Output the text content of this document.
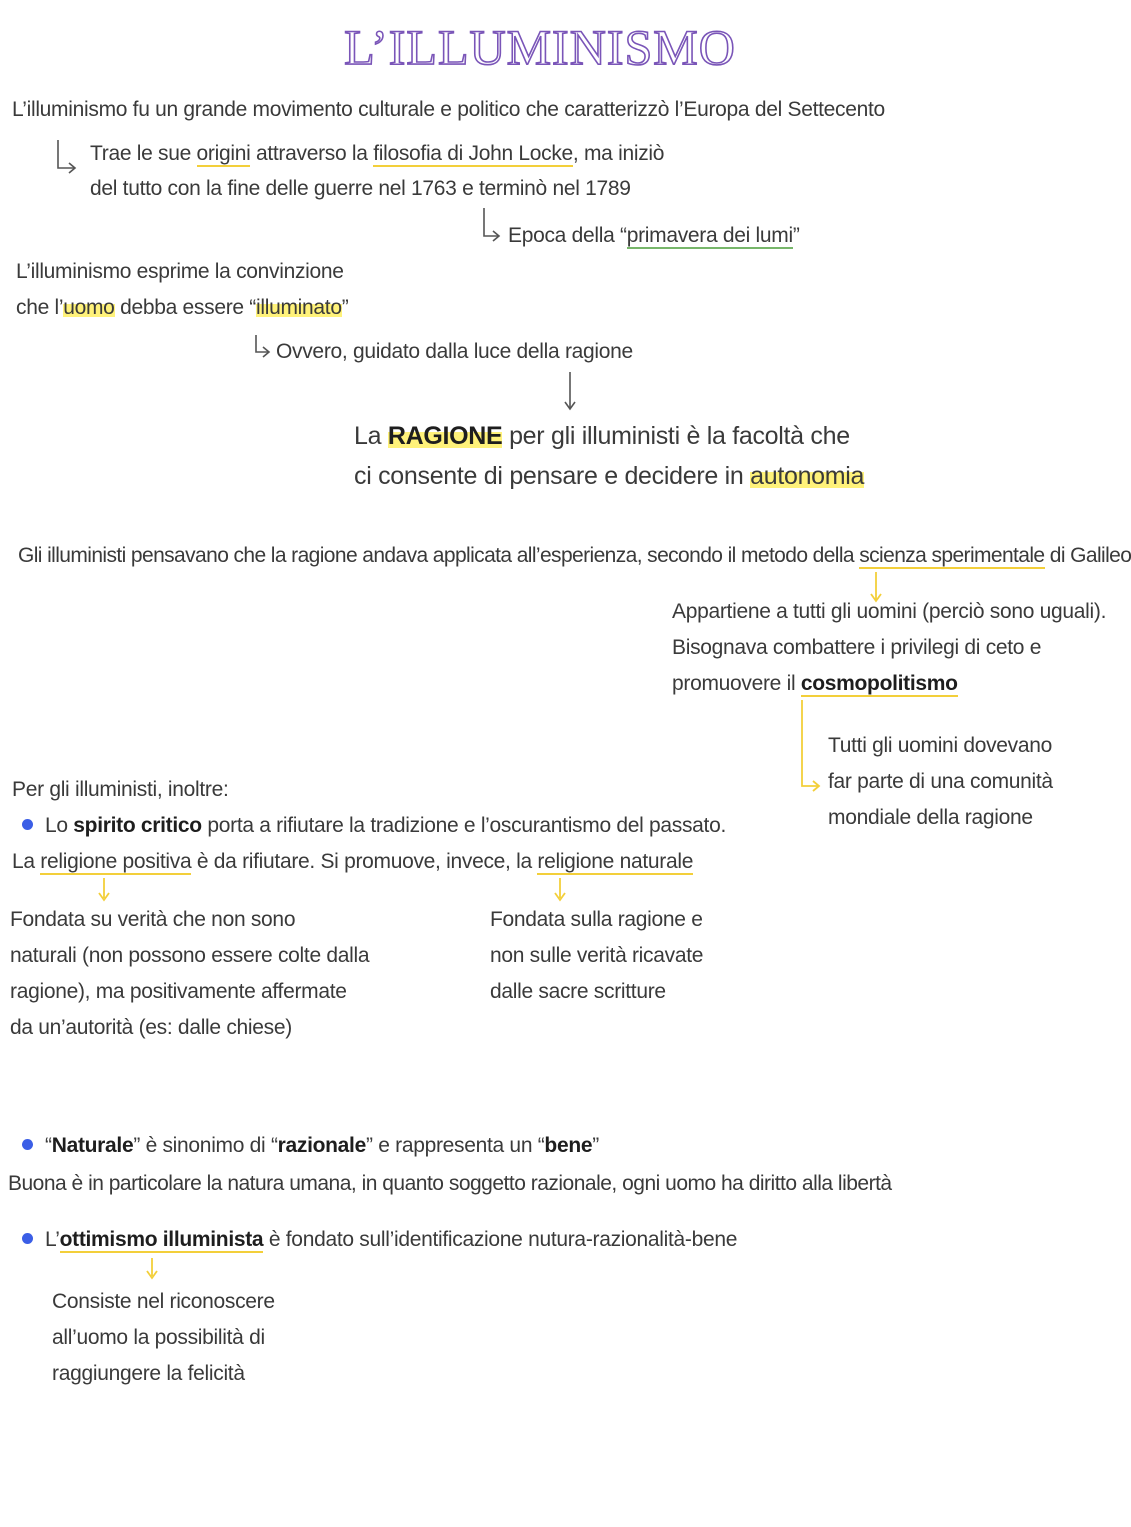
L’ILLUMINISMO
L’illuminismo fu un grande movimento culturale e politico che caratterizzò l’Europa del Settecento
Trae le sue origini attraverso la filosofia di John Locke, ma iniziò
del tutto con la fine delle guerre nel 1763 e terminò nel 1789
Epoca della “primavera dei lumi”
L’illuminismo esprime la convinzione
che l’uomo debba essere “illuminato”
Ovvero, guidato dalla luce della ragione
La RAGIONE per gli illuministi è la facoltà che
ci consente di pensare e decidere in autonomia
Gli illuministi pensavano che la ragione andava applicata all’esperienza, secondo il metodo della scienza sperimentale di Galileo
Appartiene a tutti gli uomini (perciò sono uguali).
Bisognava combattere i privilegi di ceto e
promuovere il cosmopolitismo
Tutti gli uomini dovevano
far parte di una comunità
mondiale della ragione
Per gli illuministi, inoltre:
Lo spirito critico porta a rifiutare la tradizione e l’oscurantismo del passato.
La religione positiva è da rifiutare. Si promuove, invece, la religione naturale
Fondata su verità che non sono
naturali (non possono essere colte dalla
ragione), ma positivamente affermate
da un’autorità (es: dalle chiese)
Fondata sulla ragione e
non sulle verità ricavate
dalle sacre scritture
“Naturale” è sinonimo di “razionale” e rappresenta un “bene”
Buona è in particolare la natura umana, in quanto soggetto razionale, ogni uomo ha diritto alla libertà
L’ottimismo illuminista è fondato sull’identificazione nutura-razionalità-bene
Consiste nel riconoscere
all’uomo la possibilità di
raggiungere la felicità
